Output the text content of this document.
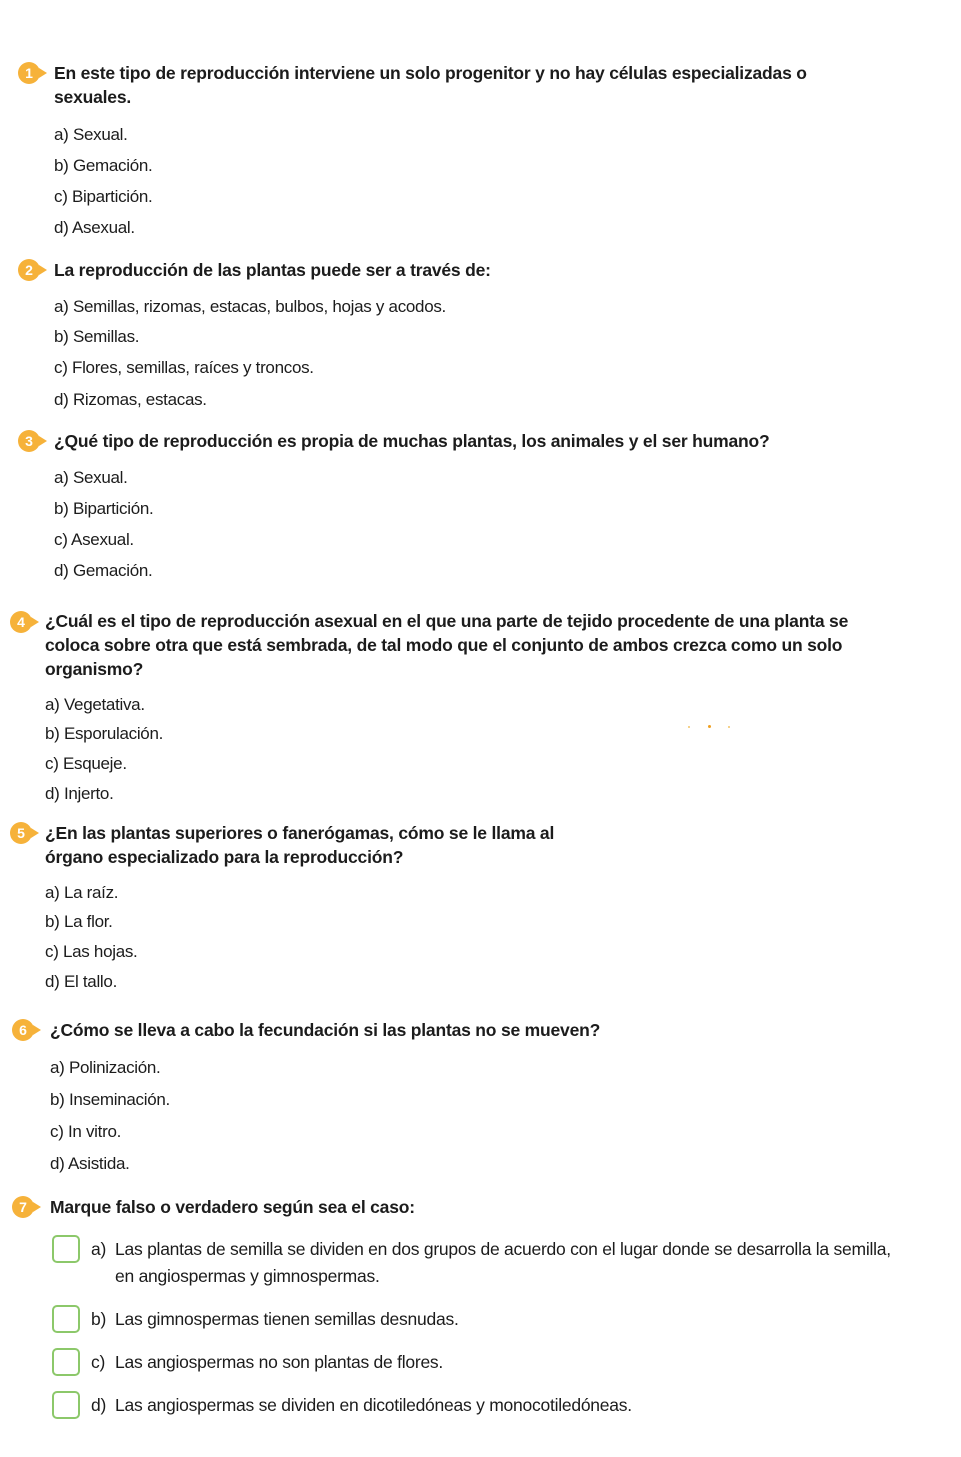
1	En este tipo de reproducción interviene un solo progenitor y no hay células especializadas o sexuales.
a) Sexual.
b) Gemación.
c) Bipartición.
d) Asexual.
2	La reproducción de las plantas puede ser a través de:
a) Semillas, rizomas, estacas, bulbos, hojas y acodos.
b) Semillas.
c) Flores, semillas, raíces y troncos.
d) Rizomas, estacas.
3	¿Qué tipo de reproducción es propia de muchas plantas, los animales y el ser humano?
a) Sexual.
b) Bipartición.
c) Asexual.
d) Gemación.
4	¿Cuál es el tipo de reproducción asexual en el que una parte de tejido procedente de una planta se coloca sobre otra que está sembrada, de tal modo que el conjunto de ambos crezca como un solo organismo?
a) Vegetativa.
b) Esporulación.
c) Esqueje.
d) Injerto.
5	¿En las plantas superiores o fanerógamas, cómo se le llama al órgano especializado para la reproducción?
a) La raíz.
b) La flor.
c) Las hojas.
d) El tallo.
6	¿Cómo se lleva a cabo la fecundación si las plantas no se mueven?
a) Polinización.
b) Inseminación.
c) In vitro.
d) Asistida.
7	Marque falso o verdadero según sea el caso:
a) Las plantas de semilla se dividen en dos grupos de acuerdo con el lugar donde se desarrolla la semilla, en angiospermas y gimnospermas.
b) Las gimnospermas tienen semillas desnudas.
c) Las angiospermas no son plantas de flores.
d) Las angiospermas se dividen en dicotiledóneas y monocotiledóneas.
